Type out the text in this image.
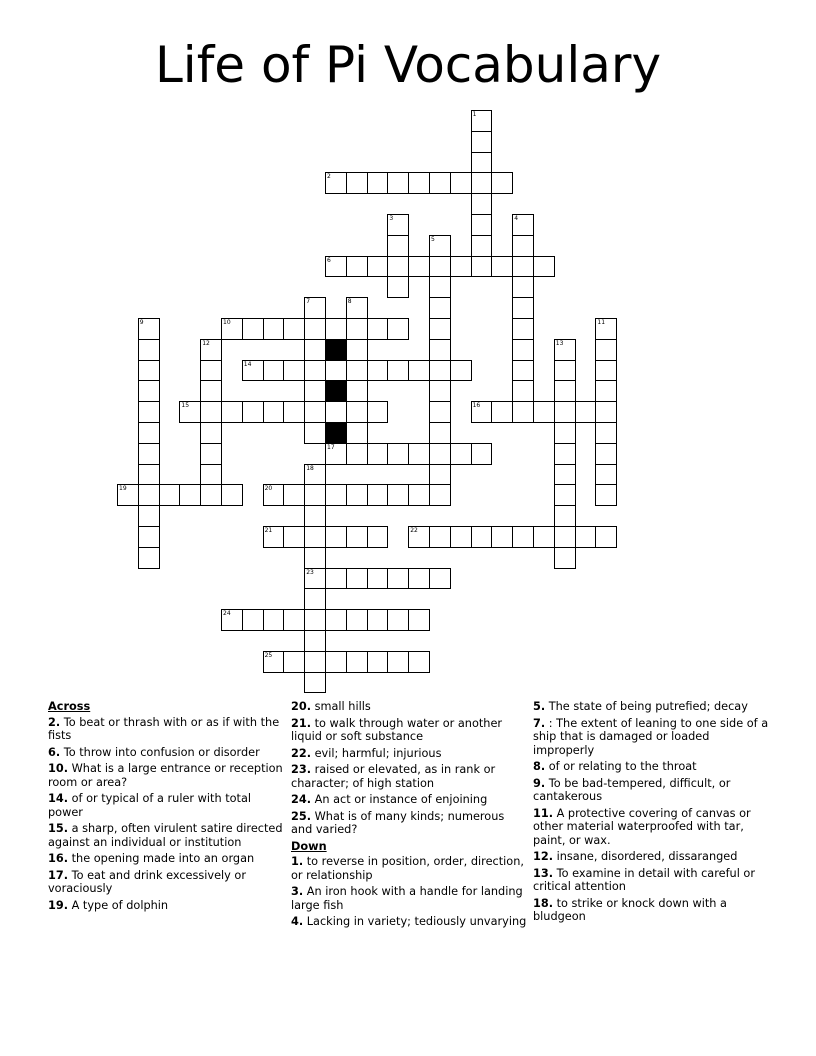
Life of Pi Vocabulary
1
2
3	4
5
6
7	8
9	10	11
12	13
14
15	16
17
18
23
19	20
21	22
24
25
Across
2. To beat or thrash with or as if with the fists
6. To throw into confusion or disorder
10. What is a large entrance or reception room or area?
14. of or typical of a ruler with total power
15. a sharp, often virulent satire directed against an individual or institution
16. the opening made into an organ
17. To eat and drink excessively or voraciously
19. A type of dolphin
20. small hills
21. to walk through water or another liquid or soft substance
22. evil; harmful; injurious
23. raised or elevated, as in rank or character; of high station
24. An act or instance of enjoining
25. What is of many kinds; numerous and varied?
Down
1. to reverse in position, order, direction, or relationship
3. An iron hook with a handle for landing large fish
4. Lacking in variety; tediously unvarying
5. The state of being putrefied; decay
7. : The extent of leaning to one side of a ship that is damaged or loaded improperly
8. of or relating to the throat
9. To be bad-tempered, difficult, or cantakerous
11. A protective covering of canvas or other material waterproofed with tar, paint, or wax.
12. insane, disordered, dissaranged
13. To examine in detail with careful or critical attention
18. to strike or knock down with a bludgeon
